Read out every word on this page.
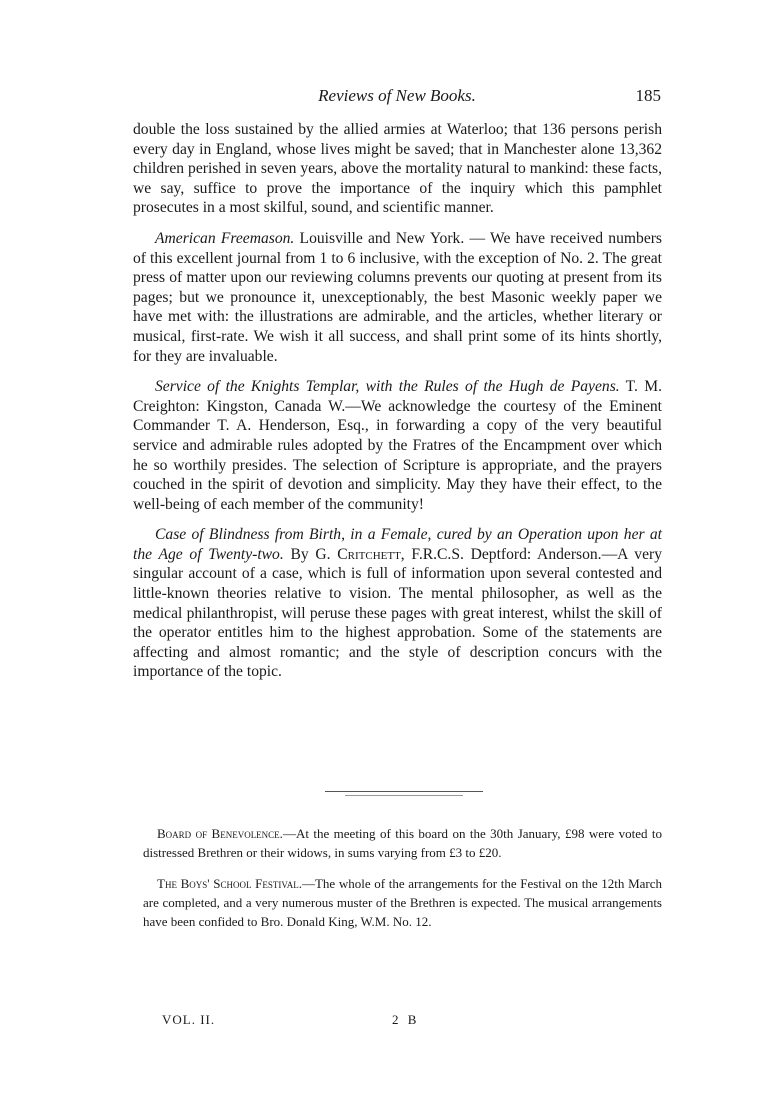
Reviews of New Books.	185

double the loss sustained by the allied armies at Waterloo; that 136 persons perish every day in England, whose lives might be saved; that in Manchester alone 13,362 children perished in seven years, above the mortality natural to mankind: these facts, we say, suffice to prove the importance of the inquiry which this pamphlet prosecutes in a most skilful, sound, and scientific manner.

American Freemason. Louisville and New York. — We have received numbers of this excellent journal from 1 to 6 inclusive, with the exception of No. 2. The great press of matter upon our reviewing columns prevents our quoting at present from its pages; but we pronounce it, unexceptionably, the best Masonic weekly paper we have met with: the illustrations are admirable, and the articles, whether literary or musical, first-rate. We wish it all success, and shall print some of its hints shortly, for they are invaluable.

Service of the Knights Templar, with the Rules of the Hugh de Payens. T. M. Creighton: Kingston, Canada W.—We acknowledge the courtesy of the Eminent Commander T. A. Henderson, Esq., in forwarding a copy of the very beautiful service and admirable rules adopted by the Fratres of the Encampment over which he so worthily presides. The selection of Scripture is appropriate, and the prayers couched in the spirit of devotion and simplicity. May they have their effect, to the well-being of each member of the community!

Case of Blindness from Birth, in a Female, cured by an Operation upon her at the Age of Twenty-two. By G. Critchett, F.R.C.S. Deptford: Anderson.—A very singular account of a case, which is full of information upon several contested and little-known theories relative to vision. The mental philosopher, as well as the medical philanthropist, will peruse these pages with great interest, whilst the skill of the operator entitles him to the highest approbation. Some of the statements are affecting and almost romantic; and the style of description concurs with the importance of the topic.

Board of Benevolence.—At the meeting of this board on the 30th January, £98 were voted to distressed Brethren or their widows, in sums varying from £3 to £20.

The Boys' School Festival.—The whole of the arrangements for the Festival on the 12th March are completed, and a very numerous muster of the Brethren is expected. The musical arrangements have been confided to Bro. Donald King, W.M. No. 12.

VOL. II.	2 B
